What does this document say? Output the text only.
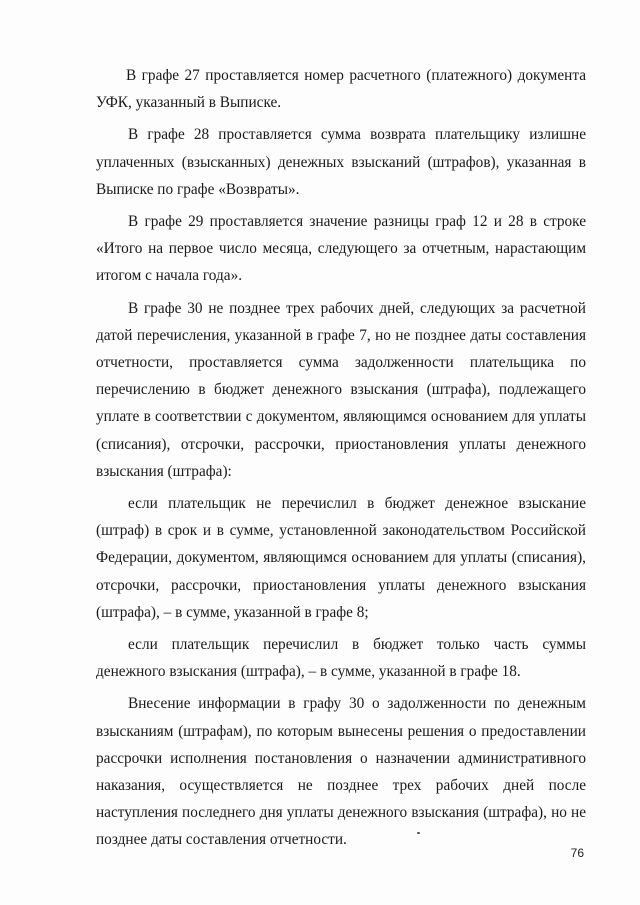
В графе 27 проставляется номер расчетного (платежного) документа УФК, указанный в Выписке.

В графе 28 проставляется сумма возврата плательщику излишне уплаченных (взысканных) денежных взысканий (штрафов), указанная в Выписке по графе «Возвраты».

В графе 29 проставляется значение разницы граф 12 и 28 в строке «Итого на первое число месяца, следующего за отчетным, нарастающим итогом с начала года».

В графе 30 не позднее трех рабочих дней, следующих за расчетной датой перечисления, указанной в графе 7, но не позднее даты составления отчетности, проставляется сумма задолженности плательщика по перечислению в бюджет денежного взыскания (штрафа), подлежащего уплате в соответствии с документом, являющимся основанием для уплаты (списания), отсрочки, рассрочки, приостановления уплаты денежного взыскания (штрафа):

если плательщик не перечислил в бюджет денежное взыскание (штраф) в срок и в сумме, установленной законодательством Российской Федерации, документом, являющимся основанием для уплаты (списания), отсрочки, рассрочки, приостановления уплаты денежного взыскания (штрафа), – в сумме, указанной в графе 8;

если плательщик перечислил в бюджет только часть суммы денежного взыскания (штрафа), – в сумме, указанной в графе 18.

Внесение информации в графу 30 о задолженности по денежным взысканиям (штрафам), по которым вынесены решения о предоставлении рассрочки исполнения постановления о назначении административного наказания, осуществляется не позднее трех рабочих дней после наступления последнего дня уплаты денежного взыскания (штрафа), но не позднее даты составления отчетности.

76
